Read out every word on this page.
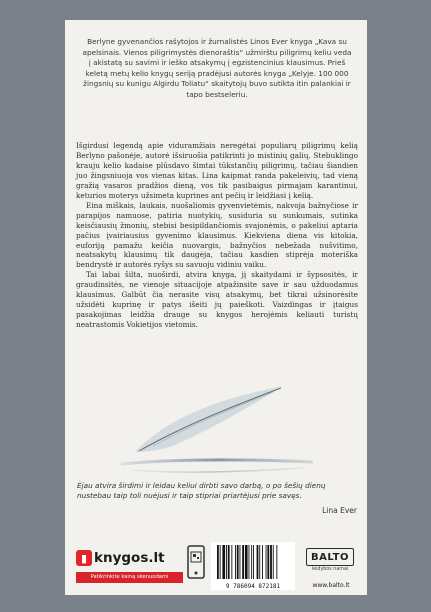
Berlyne gyvenančios rašytojos ir žurnalistės Linos Ever knyga „Kava su apelsinais. Vienos piligrimystės dienoraštis“ užmirštu piligrimų keliu veda į akistatą su savimi ir ieško atsakymų į egzistencinius klausimus. Prieš keletą metų kelio knygų seriją pradėjusi autorės knyga „Kelyje. 100 000 žingsnių su kunigu Algirdu Toliatu“ skaitytojų buvo sutikta itin palankiai ir tapo bestseleriu.

Išgirdusi legendą apie viduramžiais neregėtai populiarų piligrimų kelią Berlyno pašonėje, autorė išsiruošia patikrinti jo mistinių galių. Stebuklingo krauju kelio kadaise plūsdavo šimtai tūkstančių piligrimų, tačiau šiandien juo žingsniuoja vos vienas kitas. Lina kaipmat randa pakeleivių, tad vieną gražią vasaros pradžios dieną, vos tik pasibaigus pirmajam karantinui, keturios moterys užsimeta kuprines ant pečių ir leidžiasi į kelią.

Eina miškais, laukais, nuošaliomis gyvenvietėmis, nakvoja bažnyčiose ir parapijos namuose, patiria nuotykių, susiduria su sunkumais, sutinka keisčiausių žmonių, stebisi besipildančiomis svajonėmis, o pakeliui aptaria pačius įvairiausius gyvenimo klausimus. Kiekviena diena vis kitokia, euforiją pamažu keičia nuovargis, bažnyčios nebežada nušvitimo, neatsakytų klausimų tik daugėja, tačiau kasdien stiprėja moteriška bendrystė ir autorės ryšys su savuoju vidiniu vaiku.

Tai labai šilta, nuoširdi, atvira knyga, jį skaitydami ir šypsositės, ir graudinsitės, ne vienoje situacijoje atpažinsite save ir sau užduodamus klausimus. Galbūt čia nerasite visų atsakymų, bet tikrai užsinorėsite užsidėti kuprinę ir patys išeiti jų paieškoti. Vaizdingas ir įtaigus pasakojimas leidžia drauge su knygos herojėmis keliauti turistų neatrastomis Vokietijos vietomis.

Ėjau atvira širdimi ir leidau keliui dirbti savo darbą, o po šešių dienų nustebau taip toli nuėjusi ir taip stipriai priartėjusi prie savęs.

Lina Ever
▮ knygos.lt
Patikrinkite kainą skenuodami
9 786094 872181
BALTO
leidybos namai
www.balto.lt
